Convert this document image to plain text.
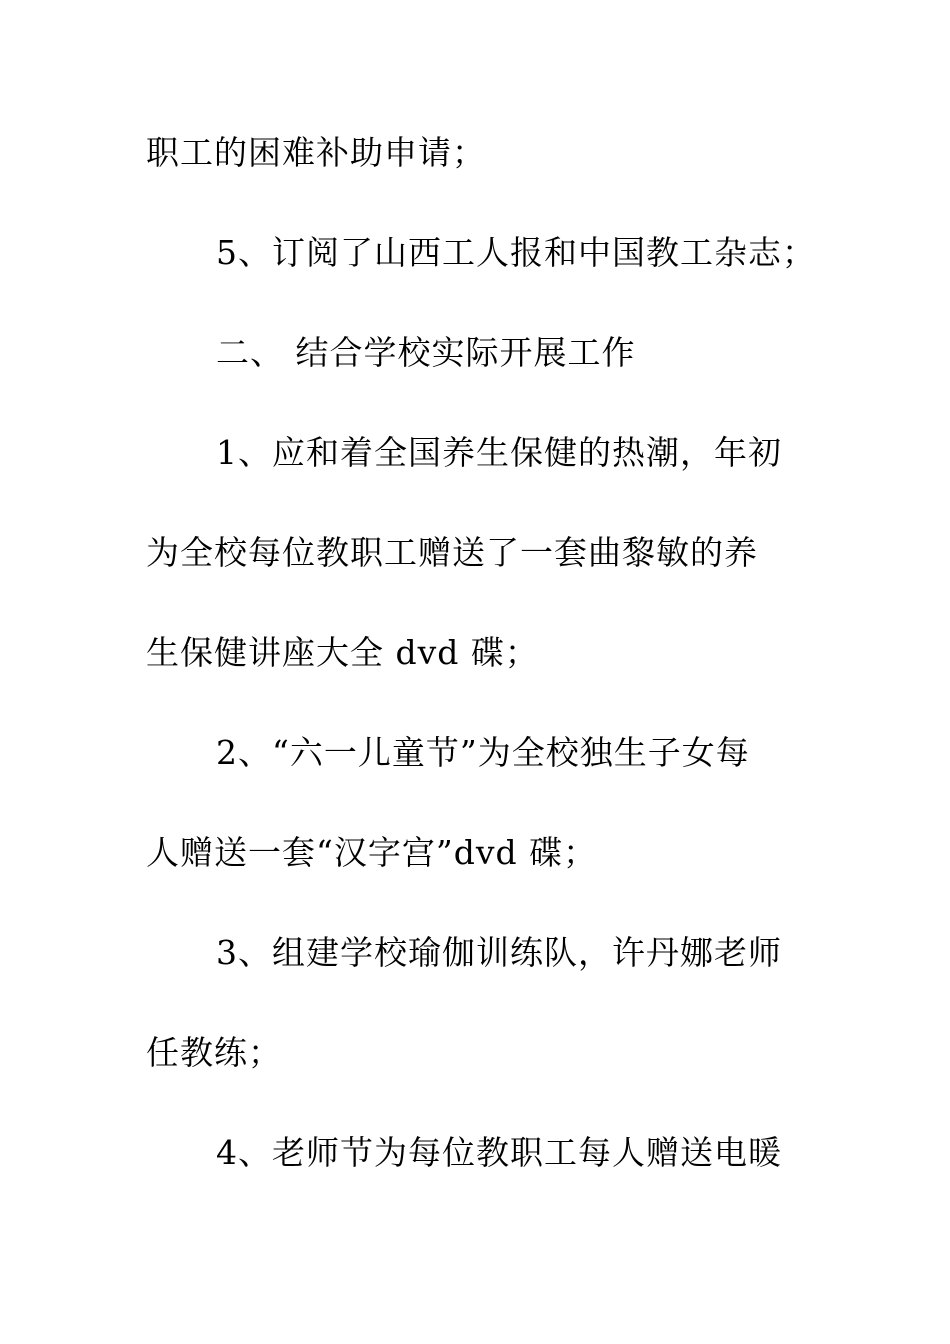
职工的困难补助申请；
5、订阅了山西工人报和中国教工杂志；
二、 结合学校实际开展工作
1、应和着全国养生保健的热潮，年初
为全校每位教职工赠送了一套曲黎敏的养
生保健讲座大全 dvd 碟；
2、“六一儿童节”为全校独生子女每
人赠送一套“汉字宫”dvd 碟；
3、组建学校瑜伽训练队，许丹娜老师
任教练；
4、老师节为每位教职工每人赠送电暖
